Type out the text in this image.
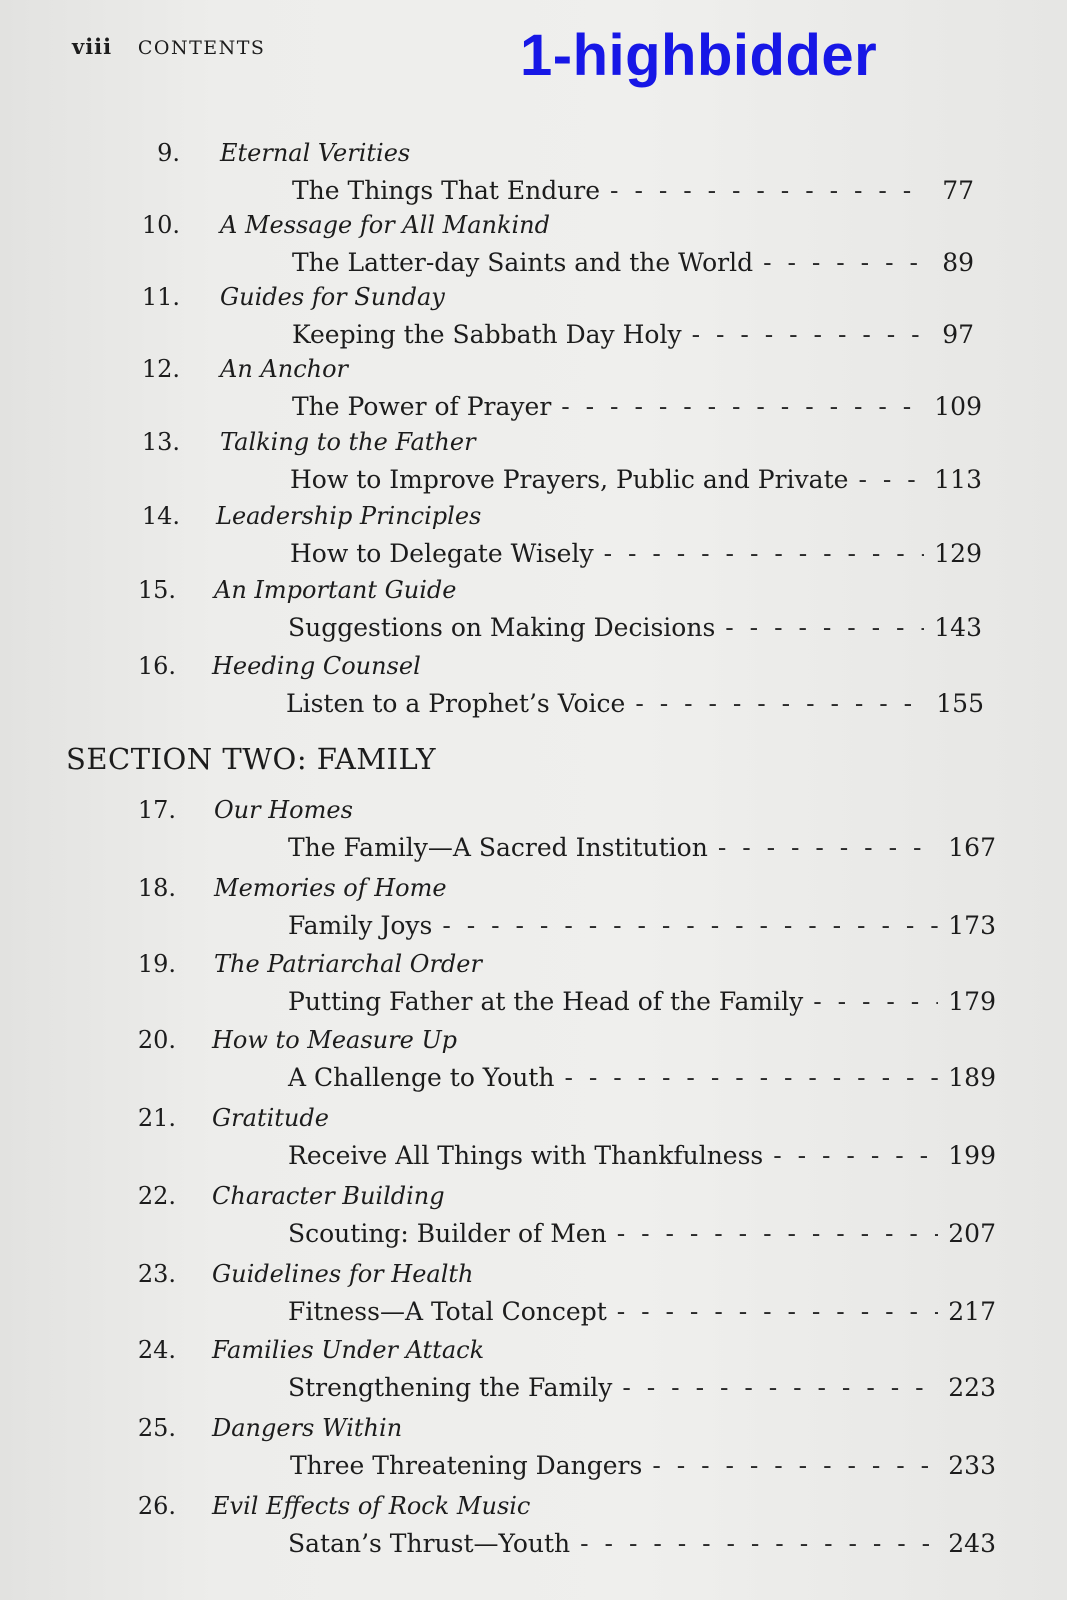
viii CONTENTS	1-highbidder
9. Eternal Verities
The Things That Endure - - -	77
10. A Message for All Mankind
The Latter-day Saints and the World - - -	89
11. Guides for Sunday
Keeping the Sabbath Day Holy - - -	97
12. An Anchor
The Power of Prayer - - -	109
13. Talking to the Father
How to Improve Prayers, Public and Private - - -	113
14. Leadership Principles
How to Delegate Wisely - - -	129
15. An Important Guide
Suggestions on Making Decisions - - -	143
16. Heeding Counsel
Listen to a Prophet’s Voice - - -	155
SECTION TWO: FAMILY
17. Our Homes
The Family—A Sacred Institution - - -	167
18. Memories of Home
Family Joys - - -	173
19. The Patriarchal Order
Putting Father at the Head of the Family - - -	179
20. How to Measure Up
A Challenge to Youth - - -	189
21. Gratitude
Receive All Things with Thankfulness - - -	199
22. Character Building
Scouting: Builder of Men - - -	207
23. Guidelines for Health
Fitness—A Total Concept - - -	217
24. Families Under Attack
Strengthening the Family - - -	223
25. Dangers Within
Three Threatening Dangers - - -	233
26. Evil Effects of Rock Music
Satan’s Thrust—Youth - - -	243
